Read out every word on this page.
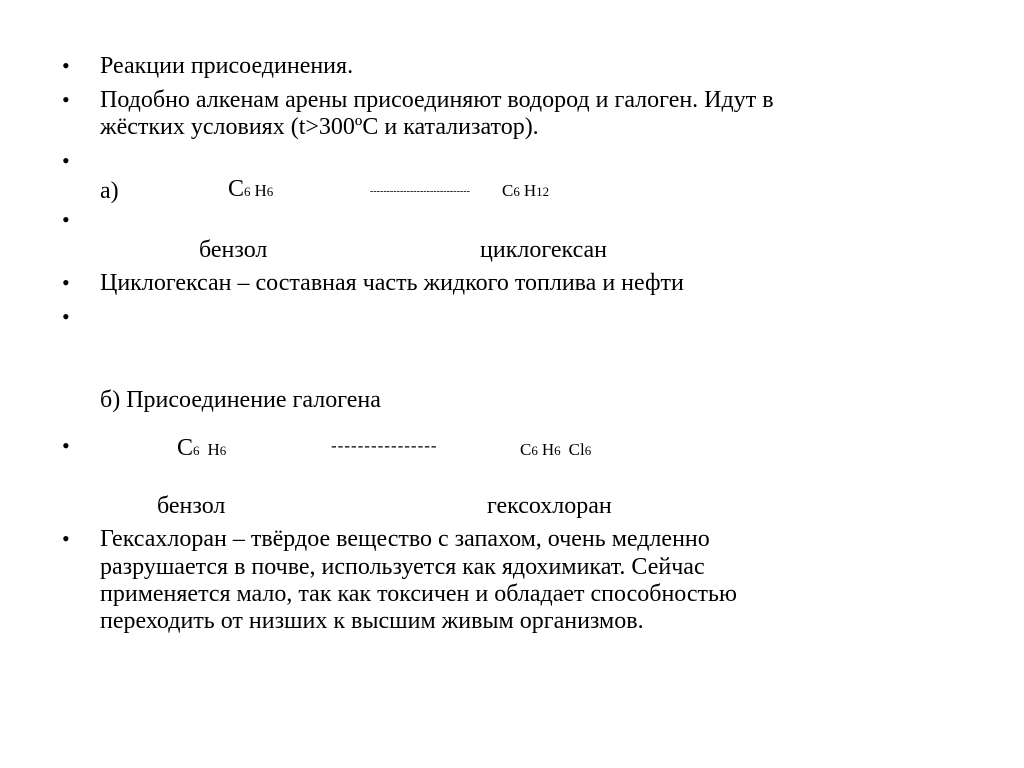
•
•
•
•
•
•
•
•
Реакции присоединения.
Подобно алкенам арены присоединяют водород и галоген. Идут в
жёстких условиях (t>300ºC и катализатор).
а)	C6 H6	------------------------------ C6 H12
бензол	циклогексан
Циклогексан – составная часть жидкого топлива и нефти
б) Присоединение галогена
C6 H6	----------------	C6 H6 Cl6
бензол	гексохлоран
Гексахлоран – твёрдое вещество с запахом, очень медленно
разрушается в почве, используется как ядохимикат. Сейчас
применяется мало, так как токсичен и обладает способностью
переходить от низших к высшим живым организмов.
